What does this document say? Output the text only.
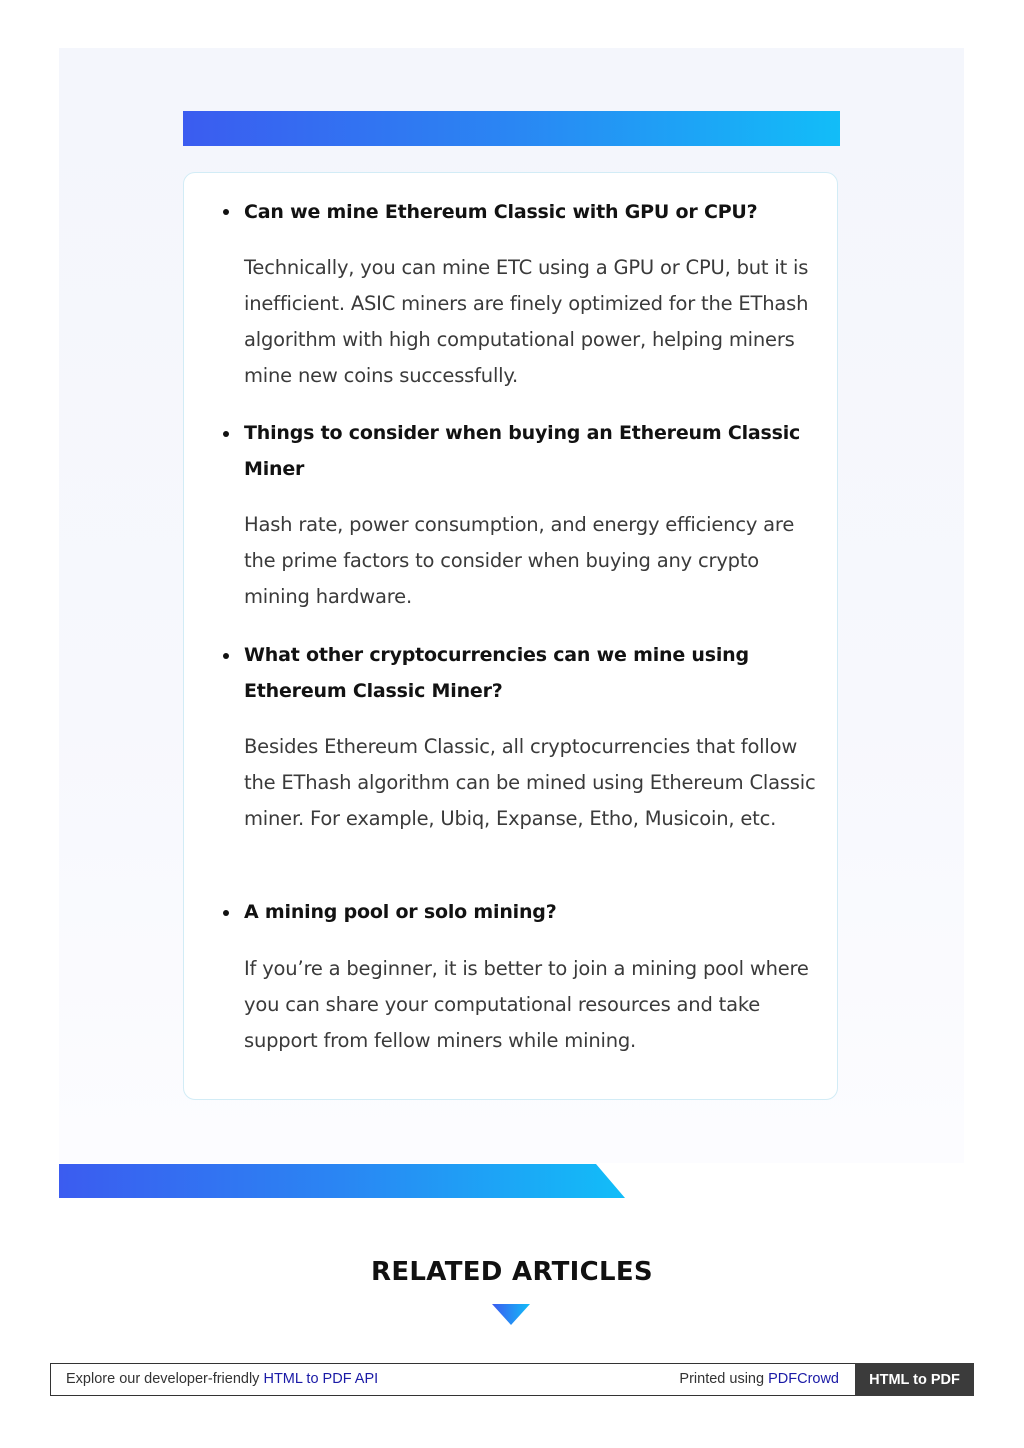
Can we mine Ethereum Classic with GPU or CPU?

Technically, you can mine ETC using a GPU or CPU, but it is inefficient. ASIC miners are finely optimized for the EThash algorithm with high computational power, helping miners mine new coins successfully.

Things to consider when buying an Ethereum Classic Miner

Hash rate, power consumption, and energy efficiency are the prime factors to consider when buying any crypto mining hardware.

What other cryptocurrencies can we mine using Ethereum Classic Miner?

Besides Ethereum Classic, all cryptocurrencies that follow the EThash algorithm can be mined using Ethereum Classic miner. For example, Ubiq, Expanse, Etho, Musicoin, etc.

A mining pool or solo mining?

If you’re a beginner, it is better to join a mining pool where you can share your computational resources and take support from fellow miners while mining.

RELATED ARTICLES
Explore our developer-friendly HTML to PDF API	Printed using PDFCrowd	HTML to PDF
